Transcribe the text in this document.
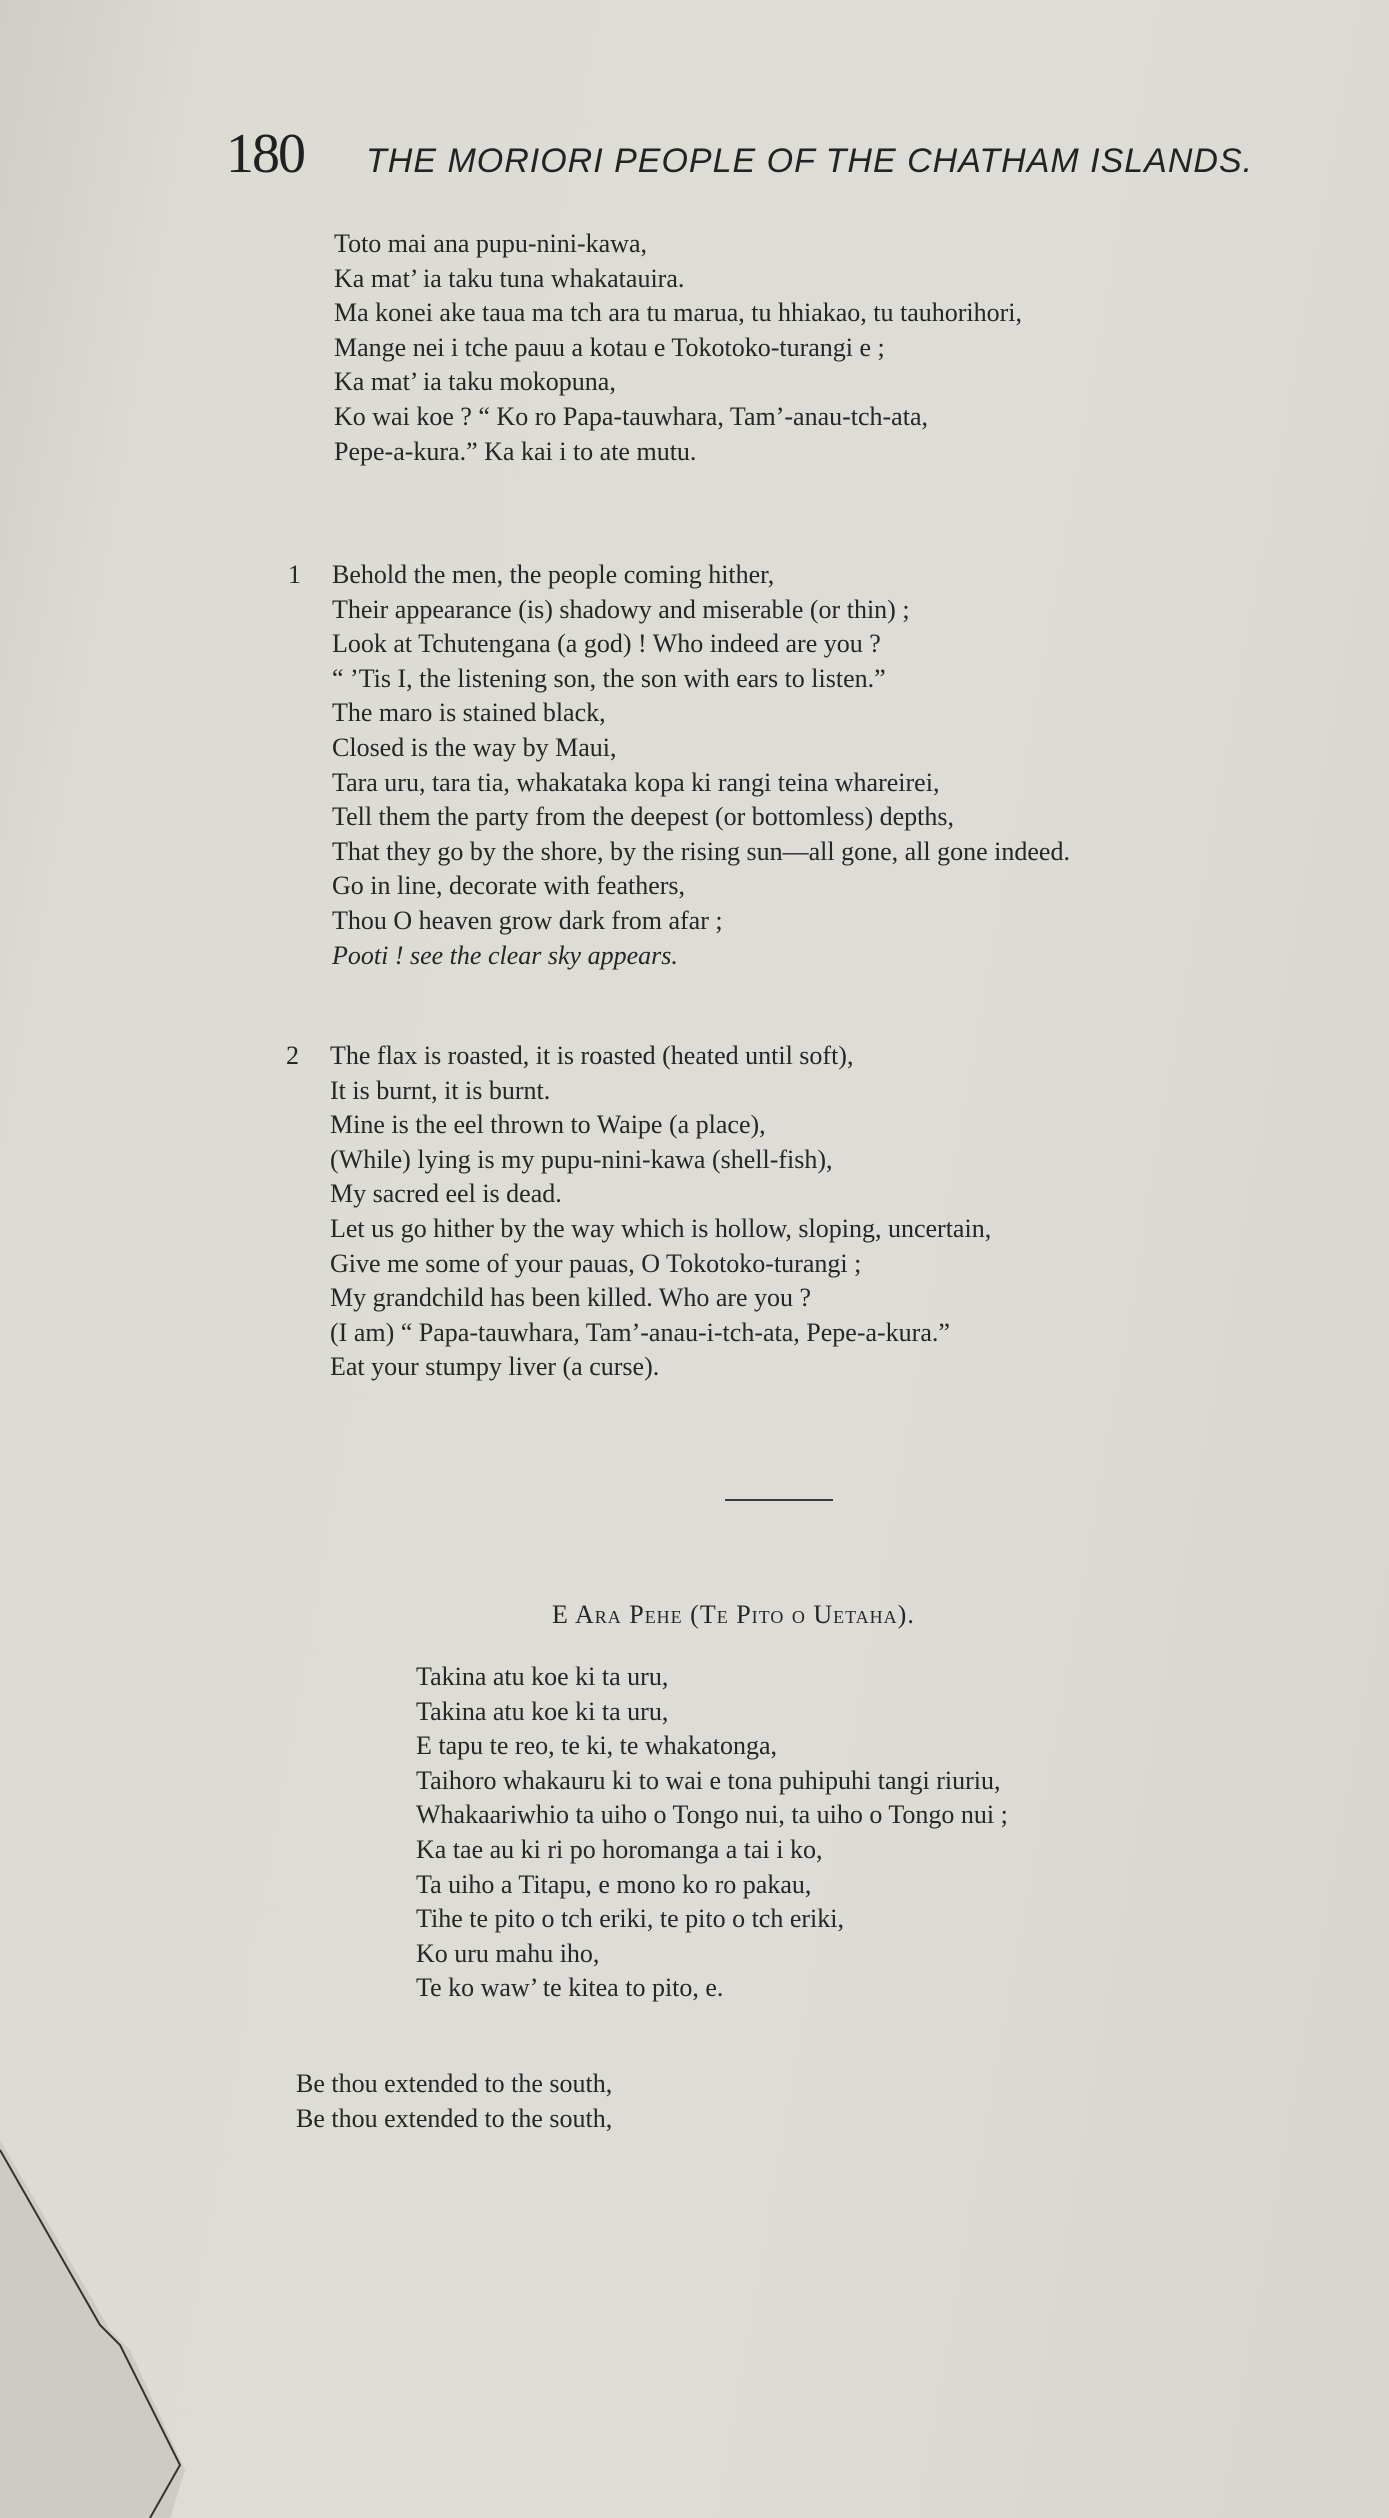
180 THE MORIORI PEOPLE OF THE CHATHAM ISLANDS.
Toto mai ana pupu-nini-kawa,
Ka mat’ ia taku tuna whakatauira.
Ma konei ake taua ma tch ara tu marua, tu hhiakao, tu tauhorihori,
Mange nei i tche pauu a kotau e Tokotoko-turangi e ;
Ka mat’ ia taku mokopuna,
Ko wai koe ? “ Ko ro Papa-tauwhara, Tam’-anau-tch-ata,
Pepe-a-kura.” Ka kai i to ate mutu.
1 Behold the men, the people coming hither,
Their appearance (is) shadowy and miserable (or thin) ;
Look at Tchutengana (a god) ! Who indeed are you ?
“ ’Tis I, the listening son, the son with ears to listen.”
The maro is stained black,
Closed is the way by Maui,
Tara uru, tara tia, whakataka kopa ki rangi teina whareirei,
Tell them the party from the deepest (or bottomless) depths,
That they go by the shore, by the rising sun—all gone, all gone indeed.
Go in line, decorate with feathers,
Thou O heaven grow dark from afar ;
Pooti ! see the clear sky appears.
2 The flax is roasted, it is roasted (heated until soft),
It is burnt, it is burnt.
Mine is the eel thrown to Waipe (a place),
(While) lying is my pupu-nini-kawa (shell-fish),
My sacred eel is dead.
Let us go hither by the way which is hollow, sloping, uncertain,
Give me some of your pauas, O Tokotoko-turangi ;
My grandchild has been killed. Who are you ?
(I am) “ Papa-tauwhara, Tam’-anau-i-tch-ata, Pepe-a-kura.”
Eat your stumpy liver (a curse).
E Ara Pehe (Te Pito o Uetaha).
Takina atu koe ki ta uru,
Takina atu koe ki ta uru,
E tapu te reo, te ki, te whakatonga,
Taihoro whakauru ki to wai e tona puhipuhi tangi riuriu,
Whakaariwhio ta uiho o Tongo nui, ta uiho o Tongo nui ;
Ka tae au ki ri po horomanga a tai i ko,
Ta uiho a Titapu, e mono ko ro pakau,
Tihe te pito o tch eriki, te pito o tch eriki,
Ko uru mahu iho,
Te ko waw’ te kitea to pito, e.
Be thou extended to the south,
Be thou extended to the south,
